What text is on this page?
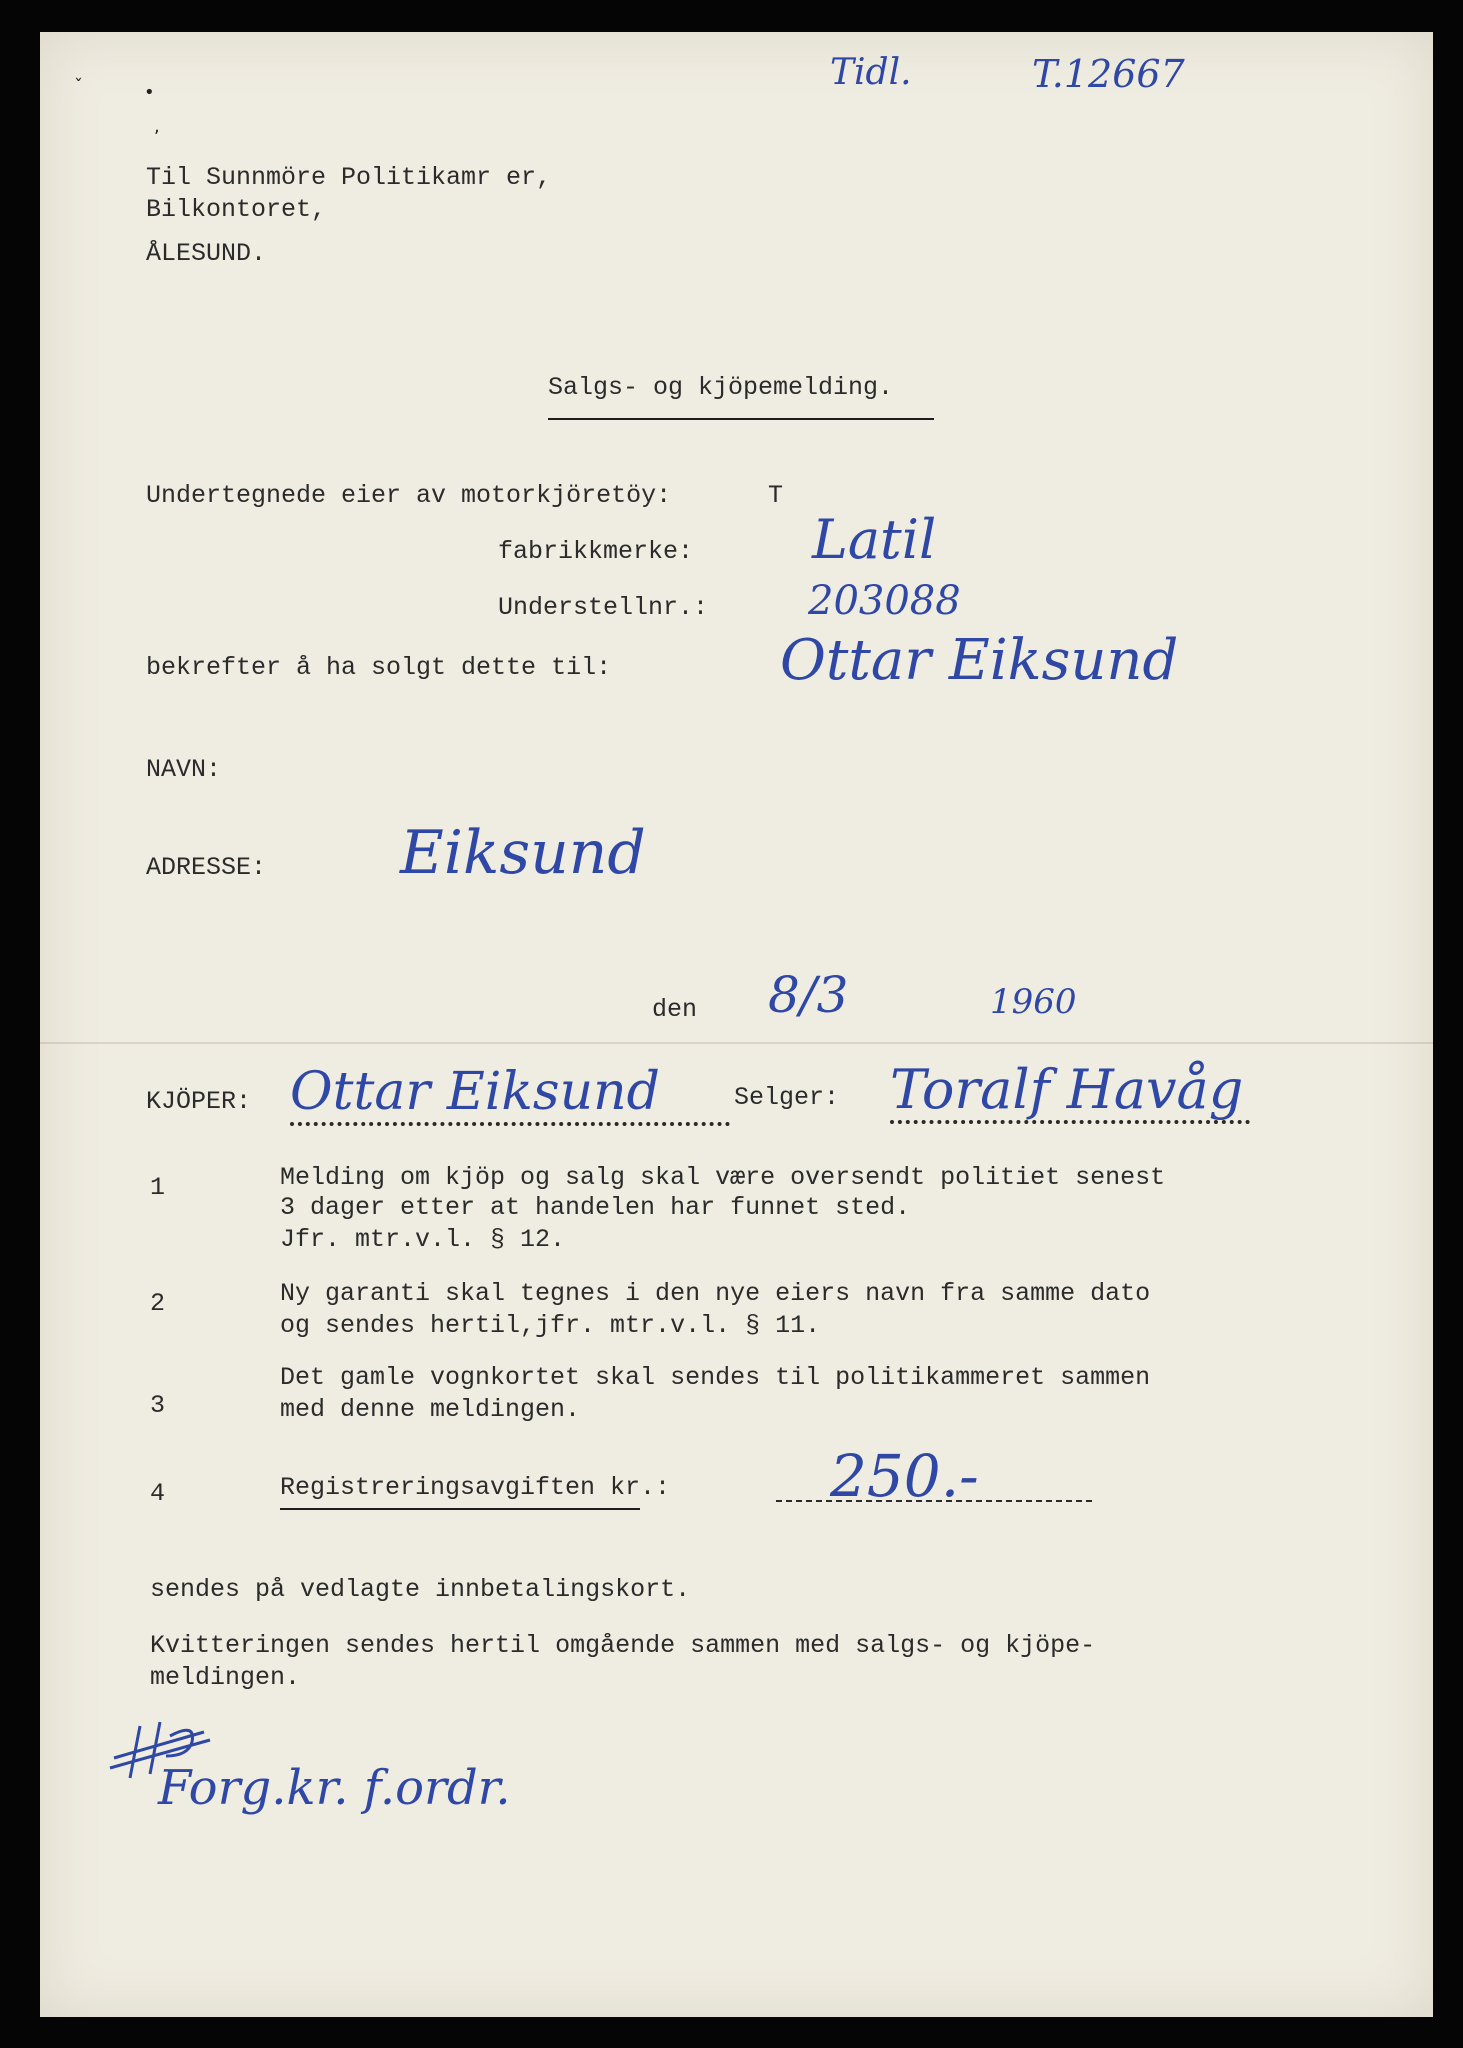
ˇ	•
,
Tidl.	T.12667
Til Sunnmöre Politikamr er,
Bilkontoret,
ÅLESUND.
Salgs- og kjöpemelding.
Undertegnede eier av motorkjöretöy:	T
fabrikkmerke: Latil
Understellnr.: 203088
bekrefter å ha solgt dette til:	Ottar Eiksund
NAVN:
ADRESSE: Eiksund
den 8/3	1960
KJÖPER: Ottar Eiksund	Selger: Toralf Havåg
1	Melding om kjöp og salg skal være oversendt politiet senest
3 dager etter at handelen har funnet sted.
Jfr. mtr.v.l. § 12.
2	Ny garanti skal tegnes i den nye eiers navn fra samme dato
og sendes hertil,jfr. mtr.v.l. § 11.
3
Det gamle vognkortet skal sendes til politikammeret sammen
med denne meldingen.
4	Registreringsavgiften kr.:	250.-
sendes på vedlagte innbetalingskort.
Kvitteringen sendes hertil omgående sammen med salgs- og kjöpe-
meldingen.
Forg.kr. f.ordr.
